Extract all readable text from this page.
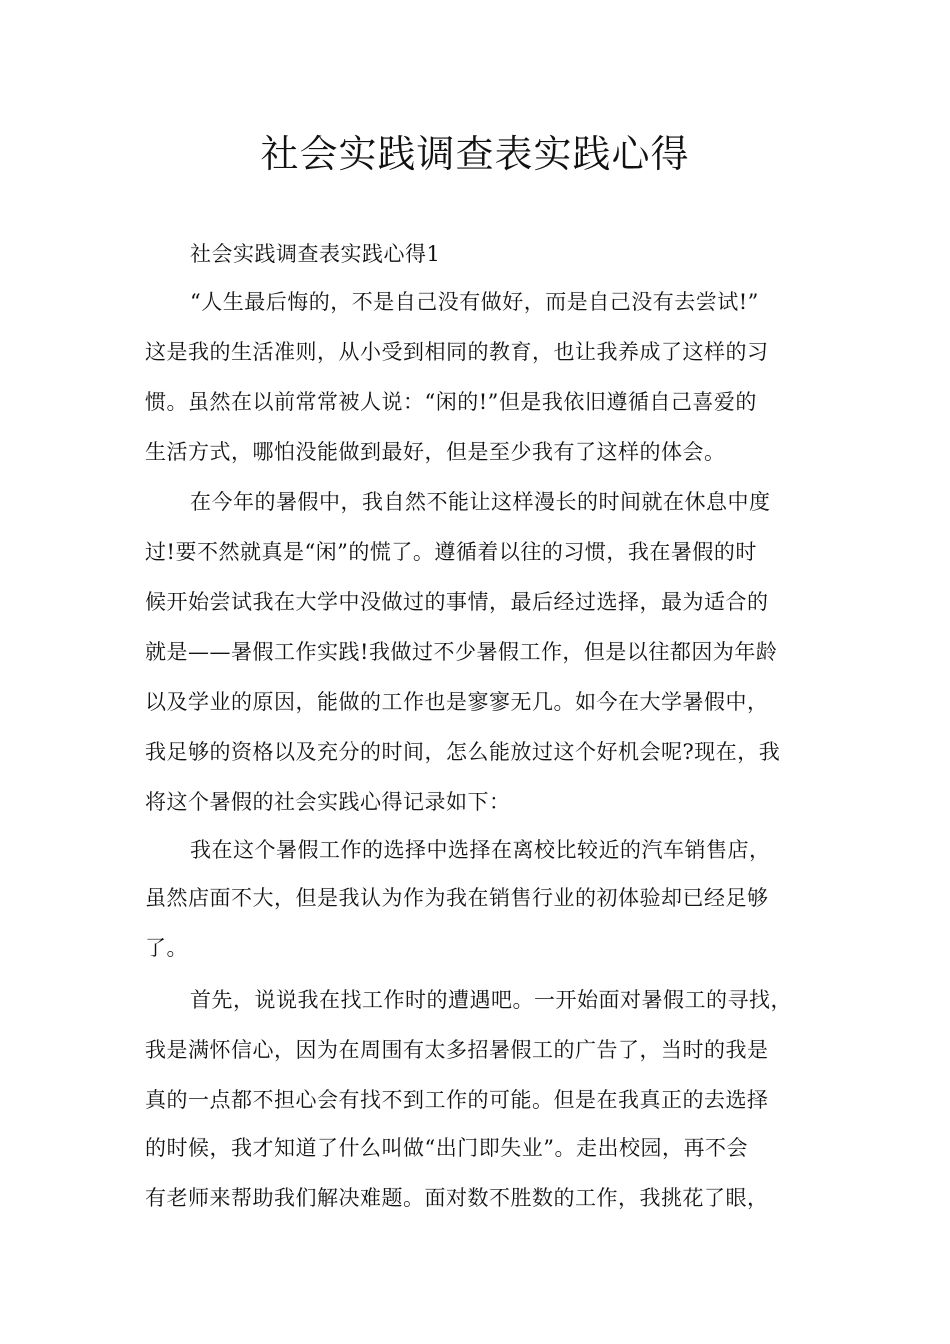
社会实践调查表实践心得
社会实践调查表实践心得1
“人生最后悔的，不是自己没有做好，而是自己没有去尝试!”
这是我的生活准则，从小受到相同的教育，也让我养成了这样的习
惯。虽然在以前常常被人说：“闲的!”但是我依旧遵循自己喜爱的
生活方式，哪怕没能做到最好，但是至少我有了这样的体会。
在今年的暑假中，我自然不能让这样漫长的时间就在休息中度
过!要不然就真是“闲”的慌了。遵循着以往的习惯，我在暑假的时
候开始尝试我在大学中没做过的事情，最后经过选择，最为适合的
就是——暑假工作实践!我做过不少暑假工作，但是以往都因为年龄
以及学业的原因，能做的工作也是寥寥无几。如今在大学暑假中，
我足够的资格以及充分的时间，怎么能放过这个好机会呢?现在，我
将这个暑假的社会实践心得记录如下：
我在这个暑假工作的选择中选择在离校比较近的汽车销售店，
虽然店面不大，但是我认为作为我在销售行业的初体验却已经足够
了。
首先，说说我在找工作时的遭遇吧。一开始面对暑假工的寻找，
我是满怀信心，因为在周围有太多招暑假工的广告了，当时的我是
真的一点都不担心会有找不到工作的可能。但是在我真正的去选择
的时候，我才知道了什么叫做“出门即失业”。走出校园，再不会
有老师来帮助我们解决难题。面对数不胜数的工作，我挑花了眼，
